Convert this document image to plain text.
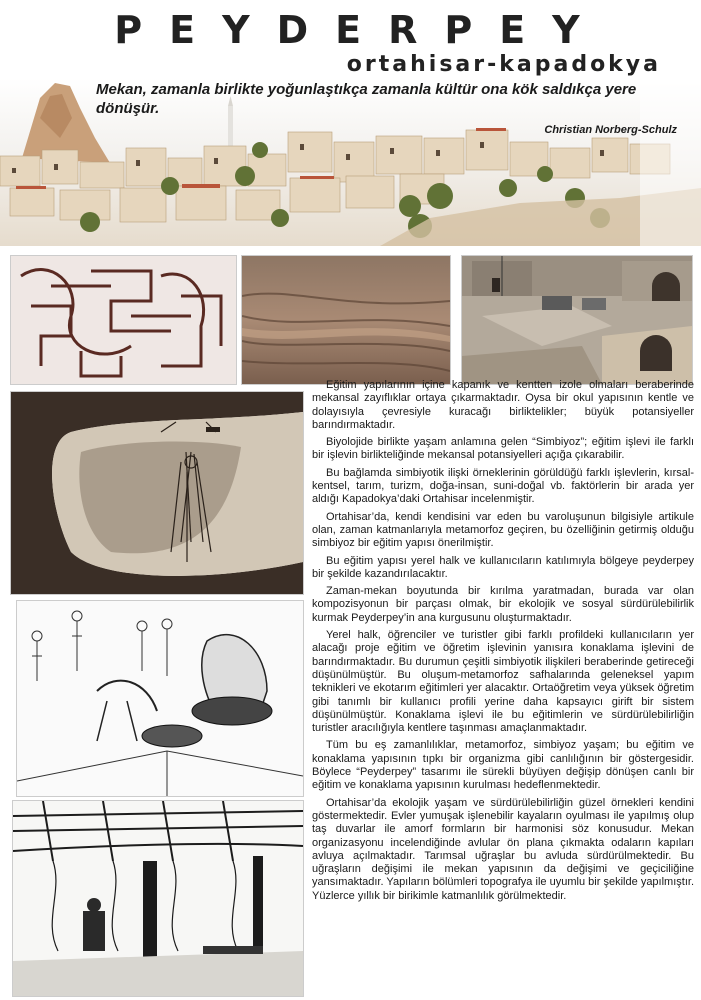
PEYDERPEY
ortahisar-kapadokya
Mekan, zamanla birlikte yoğunlaştıkça zamanla kültür ona kök saldıkça yere dönüşür.
Christian Norberg-Schulz

Eğitim yapılarının içine kapanık ve kentten izole olmaları beraberinde mekansal zayıflıklar ortaya çıkarmaktadır. Oysa bir okul yapısının kentle ve dolayısıyla çevresiyle kuracağı birliktelikler; büyük potansiyeller barındırmaktadır.

Biyolojide birlikte yaşam anlamına gelen “Simbiyoz”; eğitim işlevi ile farklı bir işlevin birlikteliğinde mekansal potansiyelleri açığa çıkarabilir.

Bu bağlamda simbiyotik ilişki örneklerinin görüldüğü farklı işlevlerin, kırsal-kentsel, tarım, turizm, doğa-insan, suni-doğal vb. faktörlerin bir arada yer aldığı Kapadokya’daki Ortahisar incelenmiştir.

Ortahisar’da, kendi kendisini var eden bu varoluşunun bilgisiyle artikule olan, zaman katmanlarıyla metamorfoz geçiren, bu özelliğinin getirmiş olduğu simbiyoz bir eğitim yapısı önerilmiştir.

Bu eğitim yapısı yerel halk ve kullanıcıların katılımıyla bölgeye peyderpey bir şekilde kazandırılacaktır.

Zaman-mekan boyutunda bir kırılma yaratmadan, burada var olan kompozisyonun bir parçası olmak, bir ekolojik ve sosyal sürdürülebilirlik kurmak Peyderpey’in ana kurgusunu oluşturmaktadır.

Yerel halk, öğrenciler ve turistler gibi farklı profildeki kullanıcıların yer alacağı proje eğitim ve öğretim işlevinin yanısıra konaklama işlevini de barındırmaktadır. Bu durumun çeşitli simbiyotik ilişkileri beraberinde getireceği düşünülmüştür. Bu oluşum-metamorfoz safhalarında geleneksel yapım teknikleri ve ekotarım eğitimleri yer alacaktır. Ortaöğretim veya yüksek öğretim gibi tanımlı bir kullanıcı profili yerine daha kapsayıcı girift bir sistem düşünülmüştür. Konaklama işlevi ile bu eğitimlerin ve sürdürülebilirliğin turistler aracılığıyla kentlere taşınması amaçlanmaktadır.

Tüm bu eş zamanlılıklar, metamorfoz, simbiyoz yaşam; bu eğitim ve konaklama yapısının tıpkı bir organizma gibi canlılığının bir göstergesidir. Böylece “Peyderpey” tasarımı ile sürekli büyüyen değişip dönüşen canlı bir eğitim ve konaklama yapısının kurulması hedeflenmektedir.

Ortahisar’da ekolojik yaşam ve sürdürülebilirliğin güzel örnekleri kendini göstermektedir. Evler yumuşak işlenebilir kayaların oyulması ile yapılmış olup taş duvarlar ile amorf formların bir harmonisi söz konusudur. Mekan organizasyonu incelendiğinde avlular ön plana çıkmakta odaların kapıları avluya açılmaktadır. Tarımsal uğraşlar bu avluda sürdürülmektedir. Bu uğraşların değişimi ile mekan yapısının da değişimi ve geçiciliğine yansımaktadır. Yapıların bölümleri topografya ile uyumlu bir şekilde yapılmıştır. Yüzlerce yıllık bir birikimle katmanlılık görülmektedir.
